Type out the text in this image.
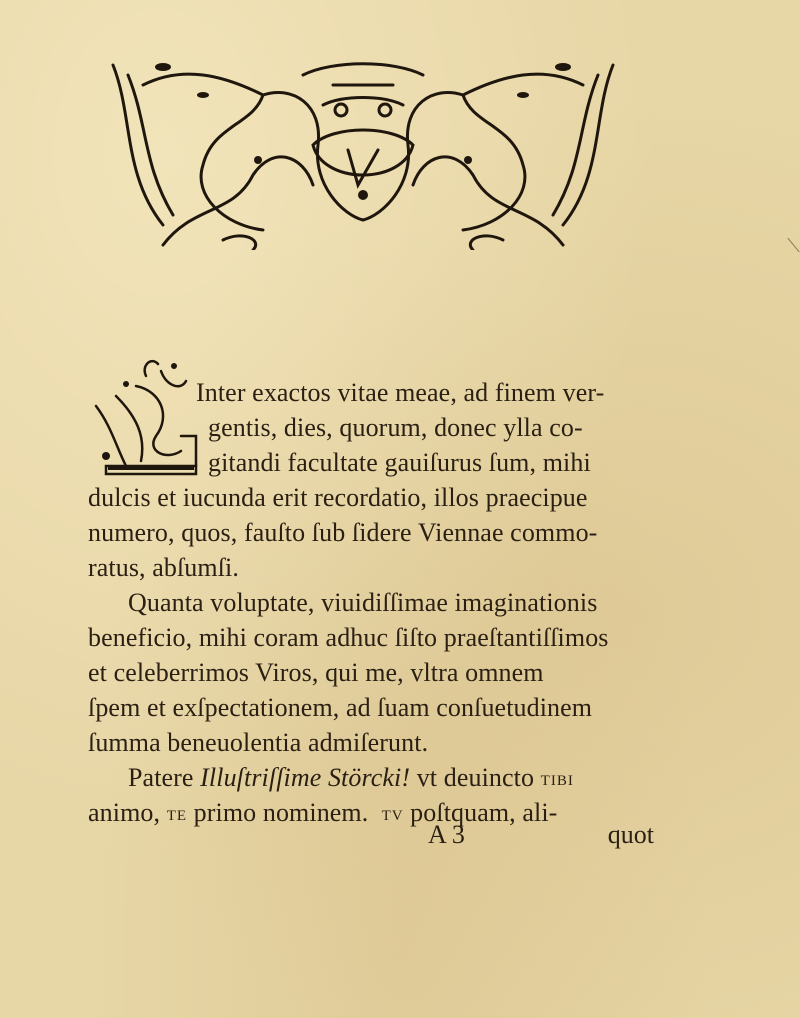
Inter exactos vitae meae, ad finem ver-
gentis, dies, quorum, donec ylla co-
gitandi facultate gauiſurus ſum, mihi
dulcis et iucunda erit recordatio, illos praecipue
numero, quos, fauſto ſub ſidere Viennae commo-
ratus, abſumſi.
Quanta voluptate, viuidiſſimae imaginationis
beneficio, mihi coram adhuc ſiſto praeſtantiſſimos
et celeberrimos Viros, qui me, vltra omnem
ſpem et exſpectationem, ad ſuam conſuetudinem
ſumma beneuolentia admiſerunt.
Patere
Illuſtriſſime Störcki!
vt deuincto
tibi
animo,
te
primo nominem.
tv
poſtquam, ali-
A 3	quot
